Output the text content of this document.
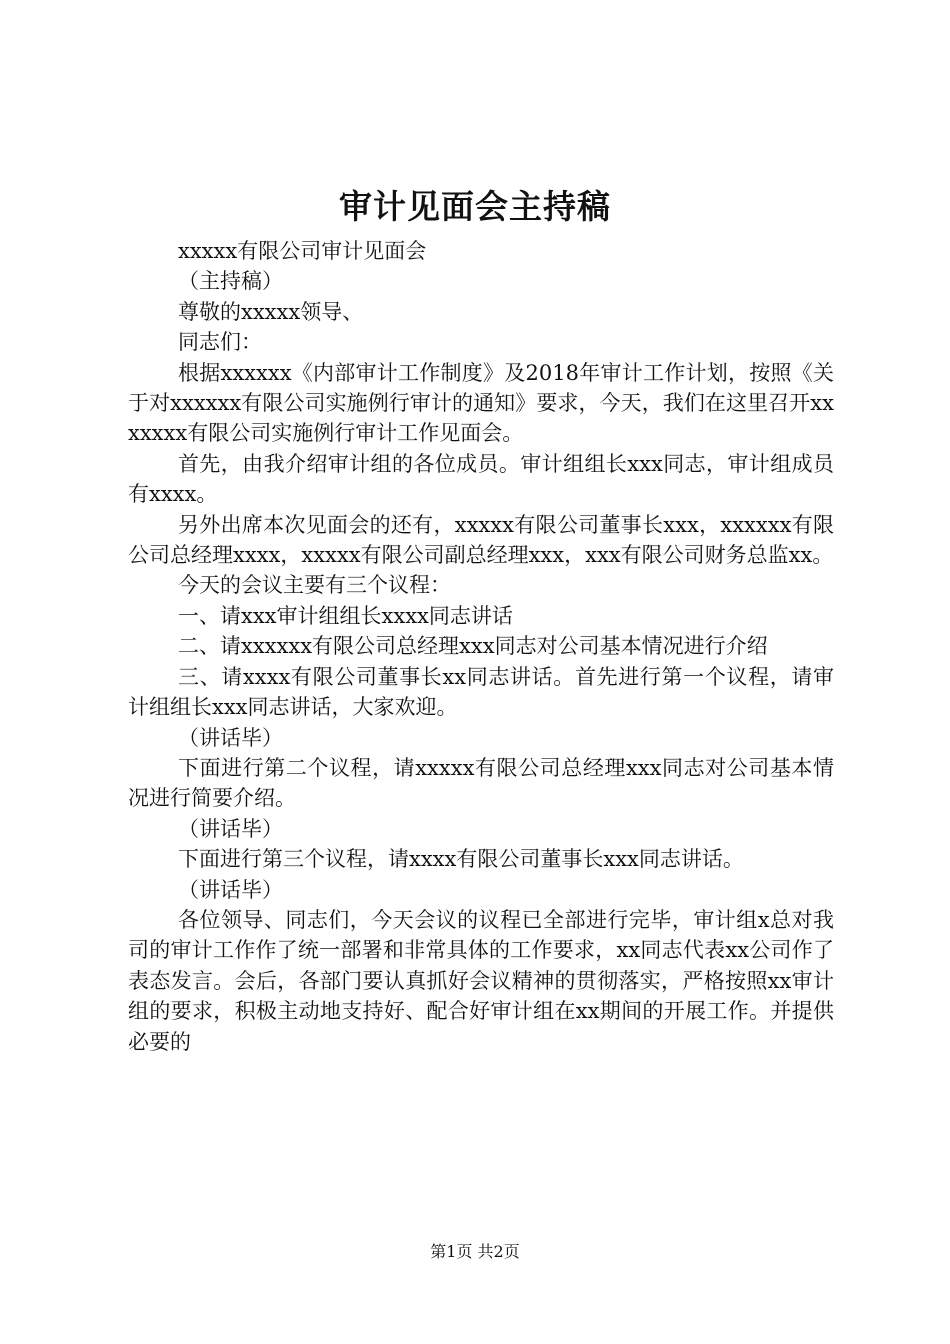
审计见面会主持稿

xxxxx有限公司审计见面会

（主持稿）

尊敬的xxxxx领导、

同志们：

根据xxxxxx《内部审计工作制度》及2018年审计工作计划，按照《关于对xxxxxx有限公司实施例行审计的通知》要求，今天，我们在这里召开xxxxxxx有限公司实施例行审计工作见面会。

首先，由我介绍审计组的各位成员。审计组组长xxx同志，审计组成员有xxxx。

另外出席本次见面会的还有，xxxxx有限公司董事长xxx，xxxxxx有限公司总经理xxxx，xxxxx有限公司副总经理xxx，xxx有限公司财务总监xx。

今天的会议主要有三个议程：

一、请xxx审计组组长xxxx同志讲话

二、请xxxxxx有限公司总经理xxx同志对公司基本情况进行介绍

三、请xxxx有限公司董事长xx同志讲话。首先进行第一个议程，请审计组组长xxx同志讲话，大家欢迎。

（讲话毕）

下面进行第二个议程，请xxxxx有限公司总经理xxx同志对公司基本情况进行简要介绍。

（讲话毕）

下面进行第三个议程，请xxxx有限公司董事长xxx同志讲话。

（讲话毕）

各位领导、同志们，今天会议的议程已全部进行完毕，审计组x总对我司的审计工作作了统一部署和非常具体的工作要求，xx同志代表xx公司作了表态发言。会后，各部门要认真抓好会议精神的贯彻落实，严格按照xx审计组的要求，积极主动地支持好、配合好审计组在xx期间的开展工作。并提供必要的

第1页 共2页
